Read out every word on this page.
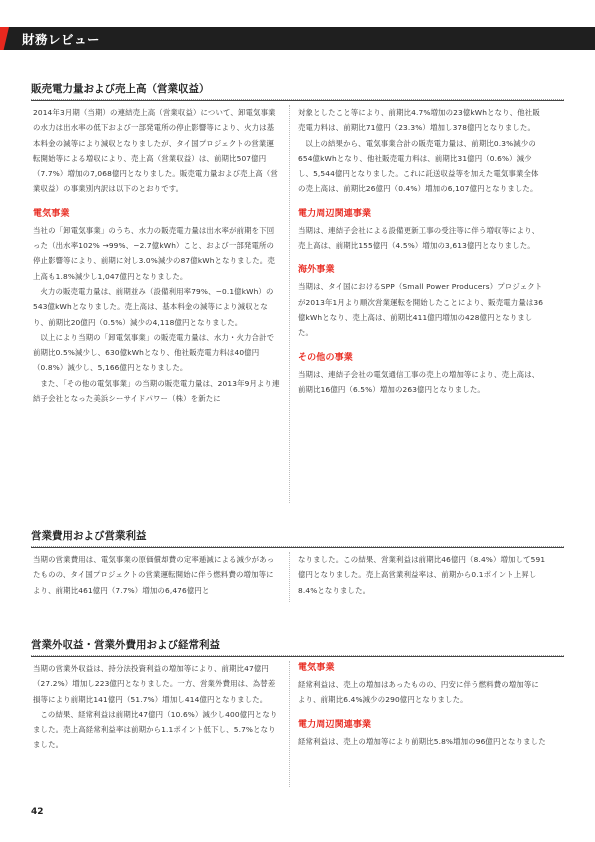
財務レビュー
販売電力量および売上高（営業収益）

2014年3月期（当期）の連結売上高（営業収益）について、卸電気事業の水力は出水率の低下および一部発電所の停止影響等により、火力は基本料金の減等により減収となりましたが、タイ国プロジェクトの営業運転開始等による増収により、売上高（営業収益）は、前期比507億円（7.7%）増加の7,068億円となりました。販売電力量および売上高（営業収益）の事業別内訳は以下のとおりです。

電気事業

当社の「卸電気事業」のうち、水力の販売電力量は出水率が前期を下回った（出水率102% →99%、−2.7億kWh）こと、および一部発電所の停止影響等により、前期に対し3.0%減少の87億kWhとなりました。売上高も1.8%減少し1,047億円となりました。

火力の販売電力量は、前期並み（設備利用率79%、−0.1億kWh）の543億kWhとなりました。売上高は、基本料金の減等により減収となり、前期比20億円（0.5%）減少の4,118億円となりました。

以上により当期の「卸電気事業」の販売電力量は、水力・火力合計で前期比0.5%減少し、630億kWhとなり、他社販売電力料は40億円（0.8%）減少し、5,166億円となりました。

また、「その他の電気事業」の当期の販売電力量は、2013年9月より連結子会社となった美浜シーサイドパワー（株）を新たに

対象としたこと等により、前期比4.7%増加の23億kWhとなり、他社販売電力料は、前期比71億円（23.3%）増加し378億円となりました。

以上の結果から、電気事業合計の販売電力量は、前期比0.3%減少の654億kWhとなり、他社販売電力料は、前期比31億円（0.6%）減少し、5,544億円となりました。これに託送収益等を加えた電気事業全体の売上高は、前期比26億円（0.4%）増加の6,107億円となりました。

電力周辺関連事業

当期は、連結子会社による設備更新工事の受注等に伴う増収等により、売上高は、前期比155億円（4.5%）増加の3,613億円となりました。

海外事業

当期は、タイ国におけるSPP（Small Power Producers）プロジェクトが2013年1月より順次営業運転を開始したことにより、販売電力量は36億kWhとなり、売上高は、前期比411億円増加の428億円となりました。

その他の事業

当期は、連結子会社の電気通信工事の売上の増加等により、売上高は、前期比16億円（6.5%）増加の263億円となりました。

営業費用および営業利益

当期の営業費用は、電気事業の原価償却費の定率逓減による減少があったものの、タイ国プロジェクトの営業運転開始に伴う燃料費の増加等により、前期比461億円（7.7%）増加の6,476億円と

なりました。この結果、営業利益は前期比46億円（8.4%）増加して591億円となりました。売上高営業利益率は、前期から0.1ポイント上昇し8.4%となりました。

営業外収益・営業外費用および経常利益

当期の営業外収益は、持分法投資利益の増加等により、前期比47億円（27.2%）増加し223億円となりました。一方、営業外費用は、為替差損等により前期比141億円（51.7%）増加し414億円となりました。

この結果、経常利益は前期比47億円（10.6%）減少し400億円となりました。売上高経常利益率は前期から1.1ポイント低下し、5.7%となりました。

電気事業

経常利益は、売上の増加はあったものの、円安に伴う燃料費の増加等により、前期比6.4%減少の290億円となりました。

電力周辺関連事業

経常利益は、売上の増加等により前期比5.8%増加の96億円となりました

42
